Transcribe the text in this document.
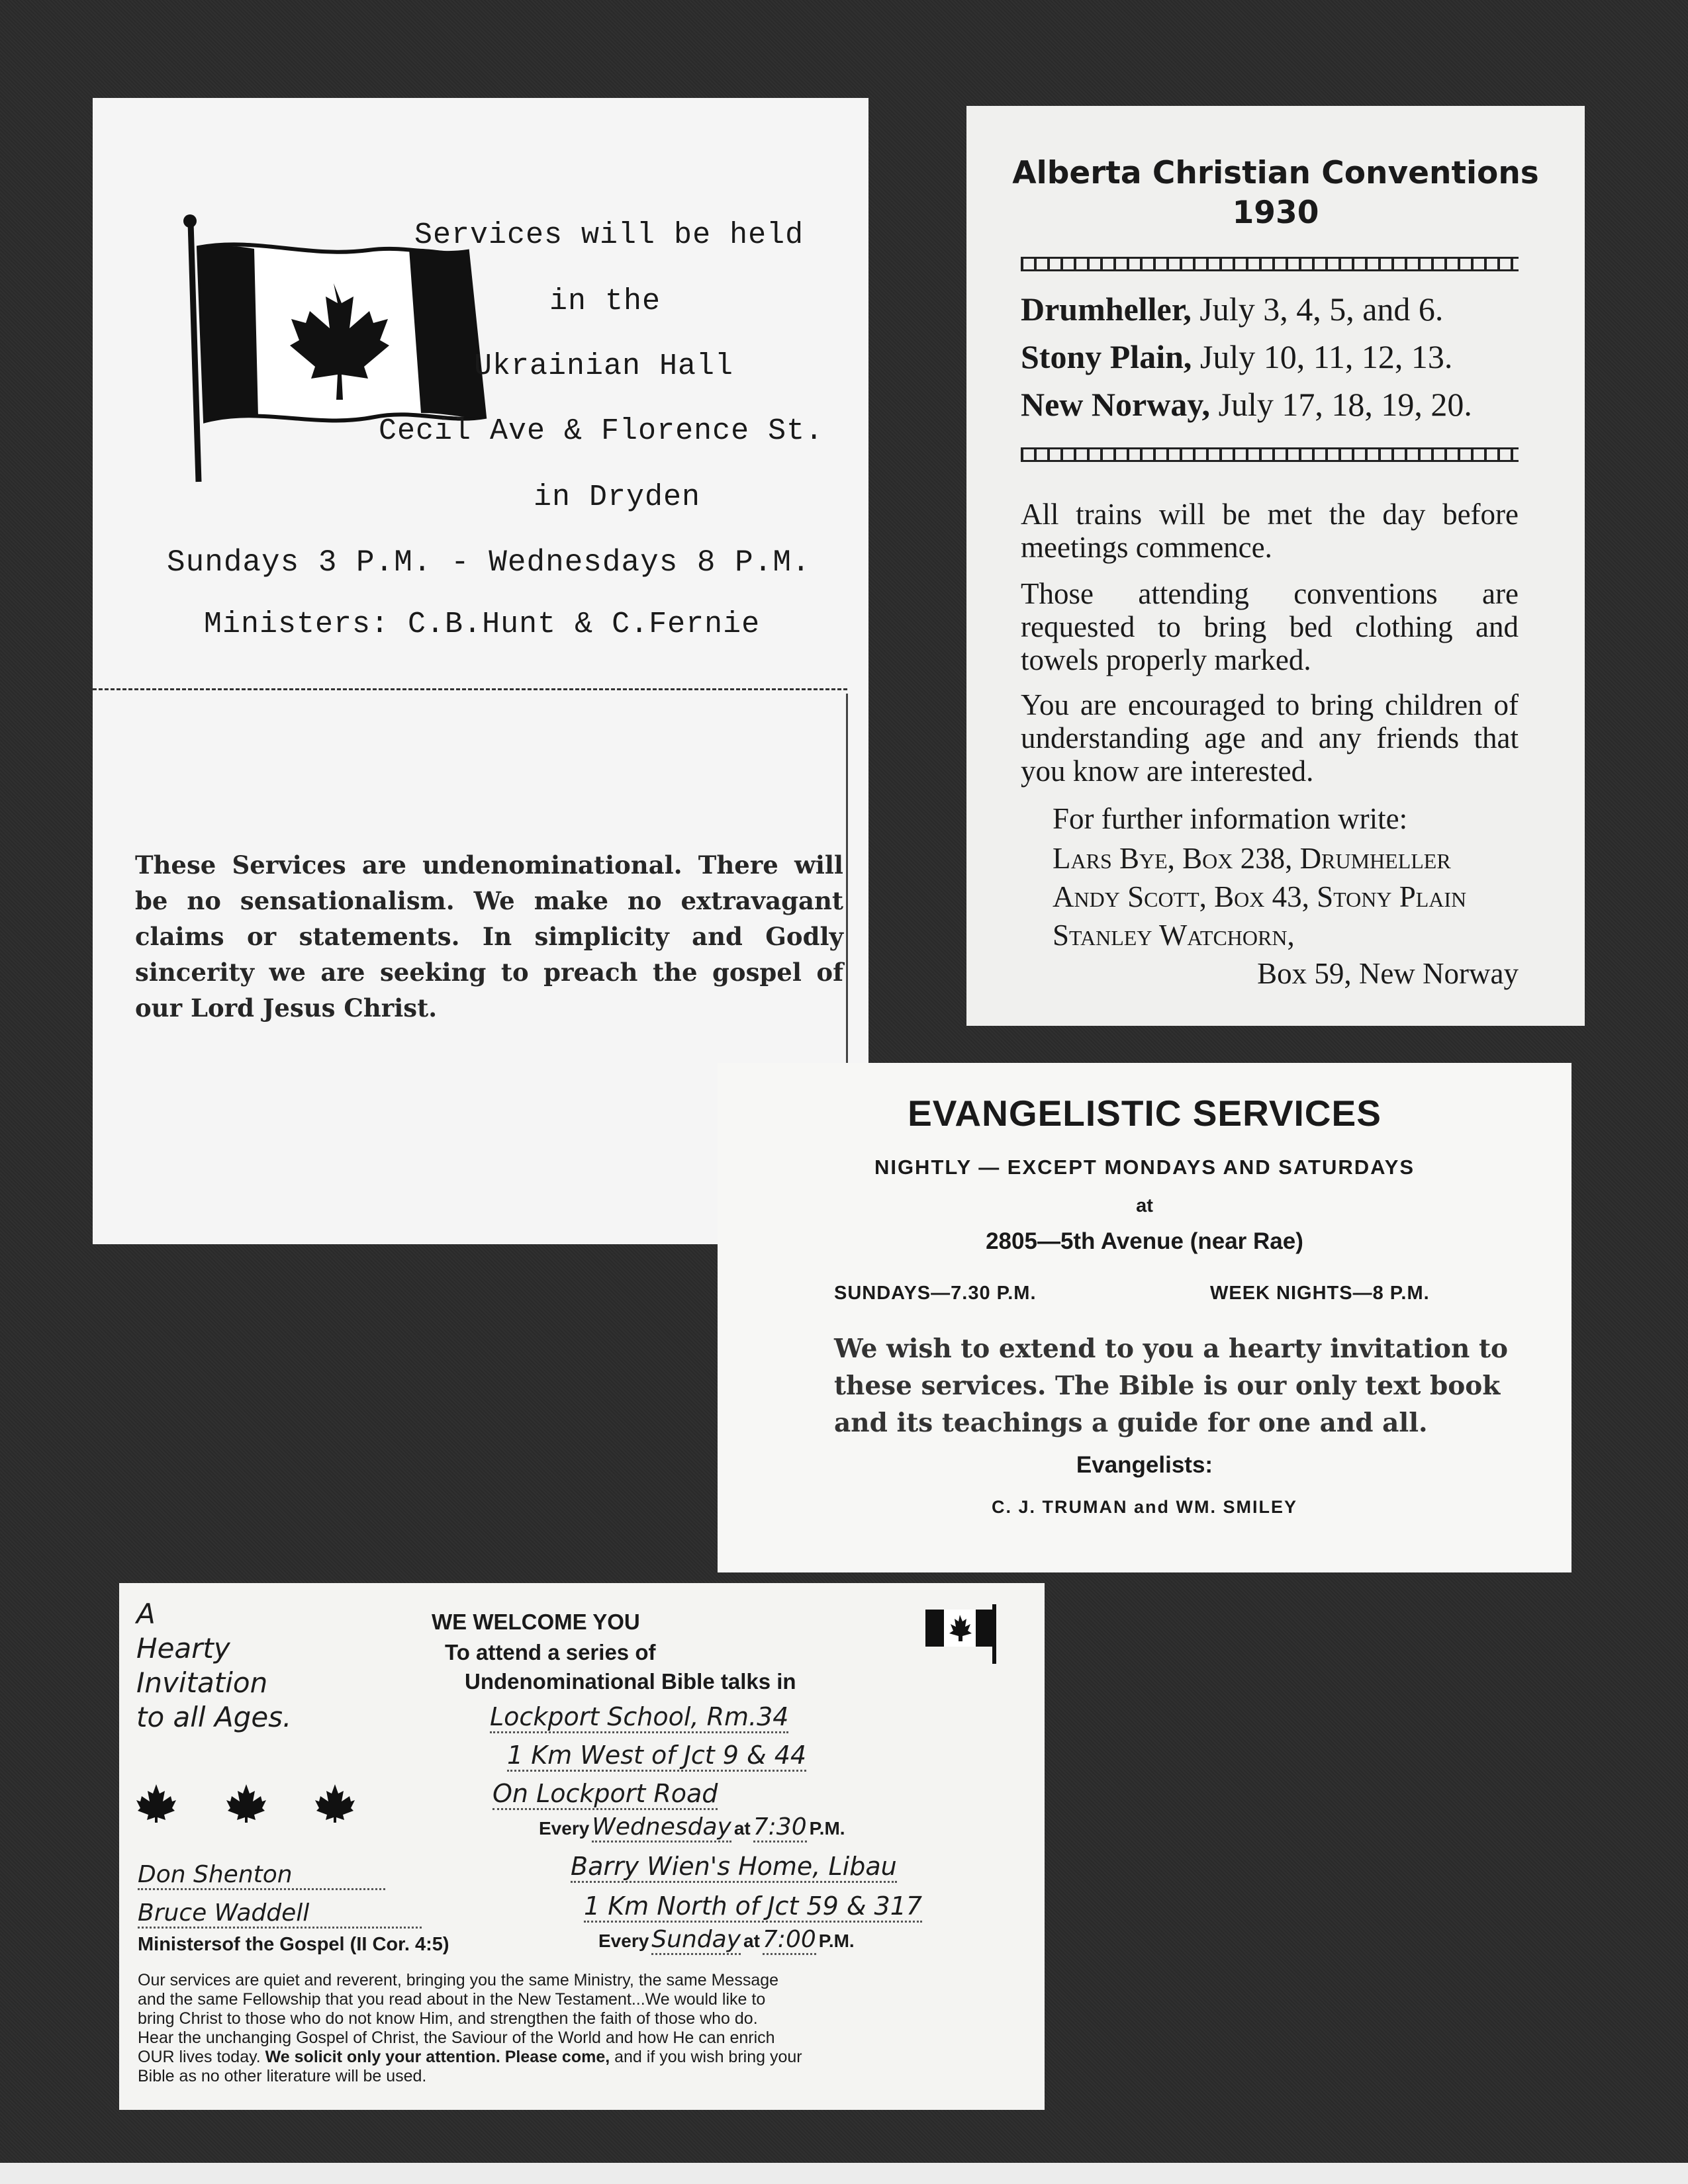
Services will be held
in the
Ukrainian Hall
Cecil Ave & Florence St.
in Dryden
Sundays 3 P.M. - Wednesdays 8 P.M.
Ministers: C.B.Hunt & C.Fernie
These Services are undenominational. There will be no sensationalism. We make no extravagant claims or statements. In simplicity and Godly sincerity we are seeking to preach the gospel of our Lord Jesus Christ.
Alberta Christian Conventions
1930
Drumheller, July 3, 4, 5, and 6.
Stony Plain, July 10, 11, 12, 13.
New Norway, July 17, 18, 19, 20.
All trains will be met the day before meetings commence.
Those attending conventions are requested to bring bed clothing and towels properly marked.
You are encouraged to bring children of understanding age and any friends that you know are interested.
For further information write:
Lars Bye, Box 238, Drumheller
Andy Scott, Box 43, Stony Plain
Stanley Watchorn,
Box 59, New Norway
EVANGELISTIC SERVICES
NIGHTLY — EXCEPT MONDAYS AND SATURDAYS
at
2805—5th Avenue (near Rae)
SUNDAYS—7.30 P.M.	WEEK NIGHTS—8 P.M.
We wish to extend to you a hearty invitation to
these services. The Bible is our only text book
and its teachings a guide for one and all.
Evangelists:
C. J. TRUMAN and WM. SMILEY
A
Hearty
Invitation
to all Ages.
WE WELCOME YOU
To attend a series of
Undenominational Bible talks in
Lockport School, Rm.34
1 Km West of Jct 9 & 44
On Lockport Road
Every Wednesday at 7:30 P.M.
Barry Wien's Home, Libau
1 Km North of Jct 59 & 317
Every Sunday at 7:00 P.M.
Don Shenton
Bruce Waddell
Ministersof the Gospel (II Cor. 4:5)
Our services are quiet and reverent, bringing you the same Ministry, the same Message
and the same Fellowship that you read about in the New Testament...We would like to
bring Christ to those who do not know Him, and strengthen the faith of those who do.
Hear the unchanging Gospel of Christ, the Saviour of the World and how He can enrich
OUR lives today. We solicit only your attention. Please come, and if you wish bring your
Bible as no other literature will be used.
